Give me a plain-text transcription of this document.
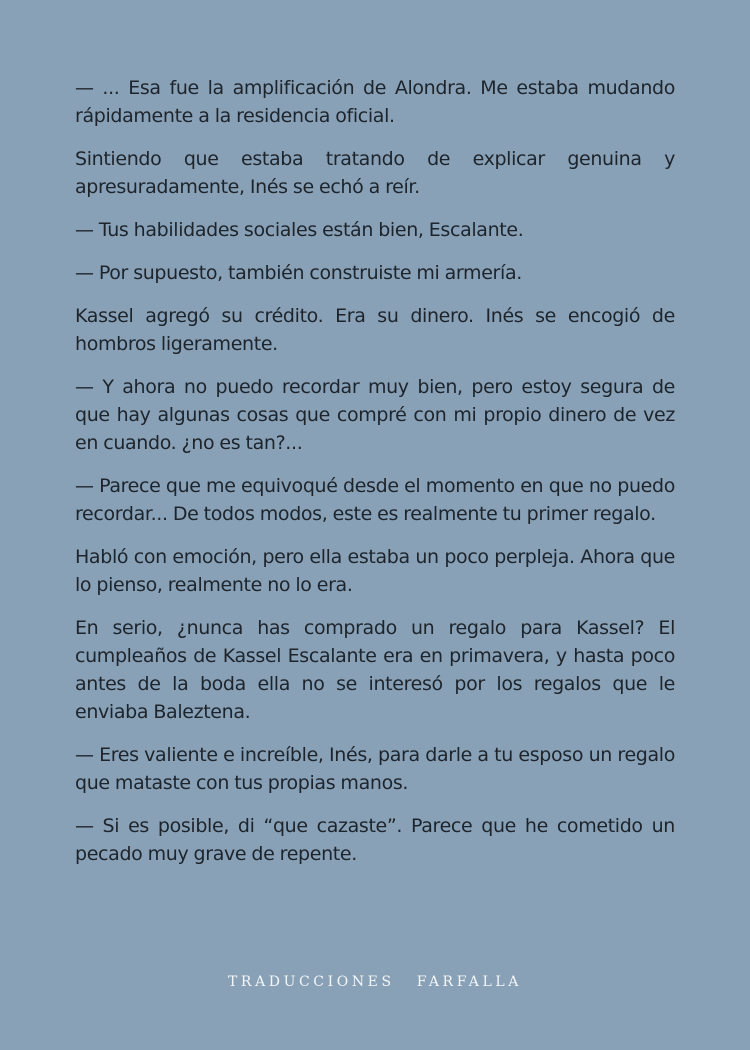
— ... Esa fue la amplificación de Alondra. Me estaba mudando rápidamente a la residencia oficial.

Sintiendo que estaba tratando de explicar genuina y apresuradamente, Inés se echó a reír.

— Tus habilidades sociales están bien, Escalante.

— Por supuesto, también construiste mi armería.

Kassel agregó su crédito. Era su dinero. Inés se encogió de hombros ligeramente.

— Y ahora no puedo recordar muy bien, pero estoy segura de que hay algunas cosas que compré con mi propio dinero de vez en cuando. ¿no es tan?...

— Parece que me equivoqué desde el momento en que no puedo recordar... De todos modos, este es realmente tu primer regalo.

Habló con emoción, pero ella estaba un poco perpleja. Ahora que lo pienso, realmente no lo era.

En serio, ¿nunca has comprado un regalo para Kassel? El cumpleaños de Kassel Escalante era en primavera, y hasta poco antes de la boda ella no se interesó por los regalos que le enviaba Baleztena.

— Eres valiente e increíble, Inés, para darle a tu esposo un regalo que mataste con tus propias manos.

— Si es posible, di “que cazaste”. Parece que he cometido un pecado muy grave de repente.

TRADUCCIONES FARFALLA
